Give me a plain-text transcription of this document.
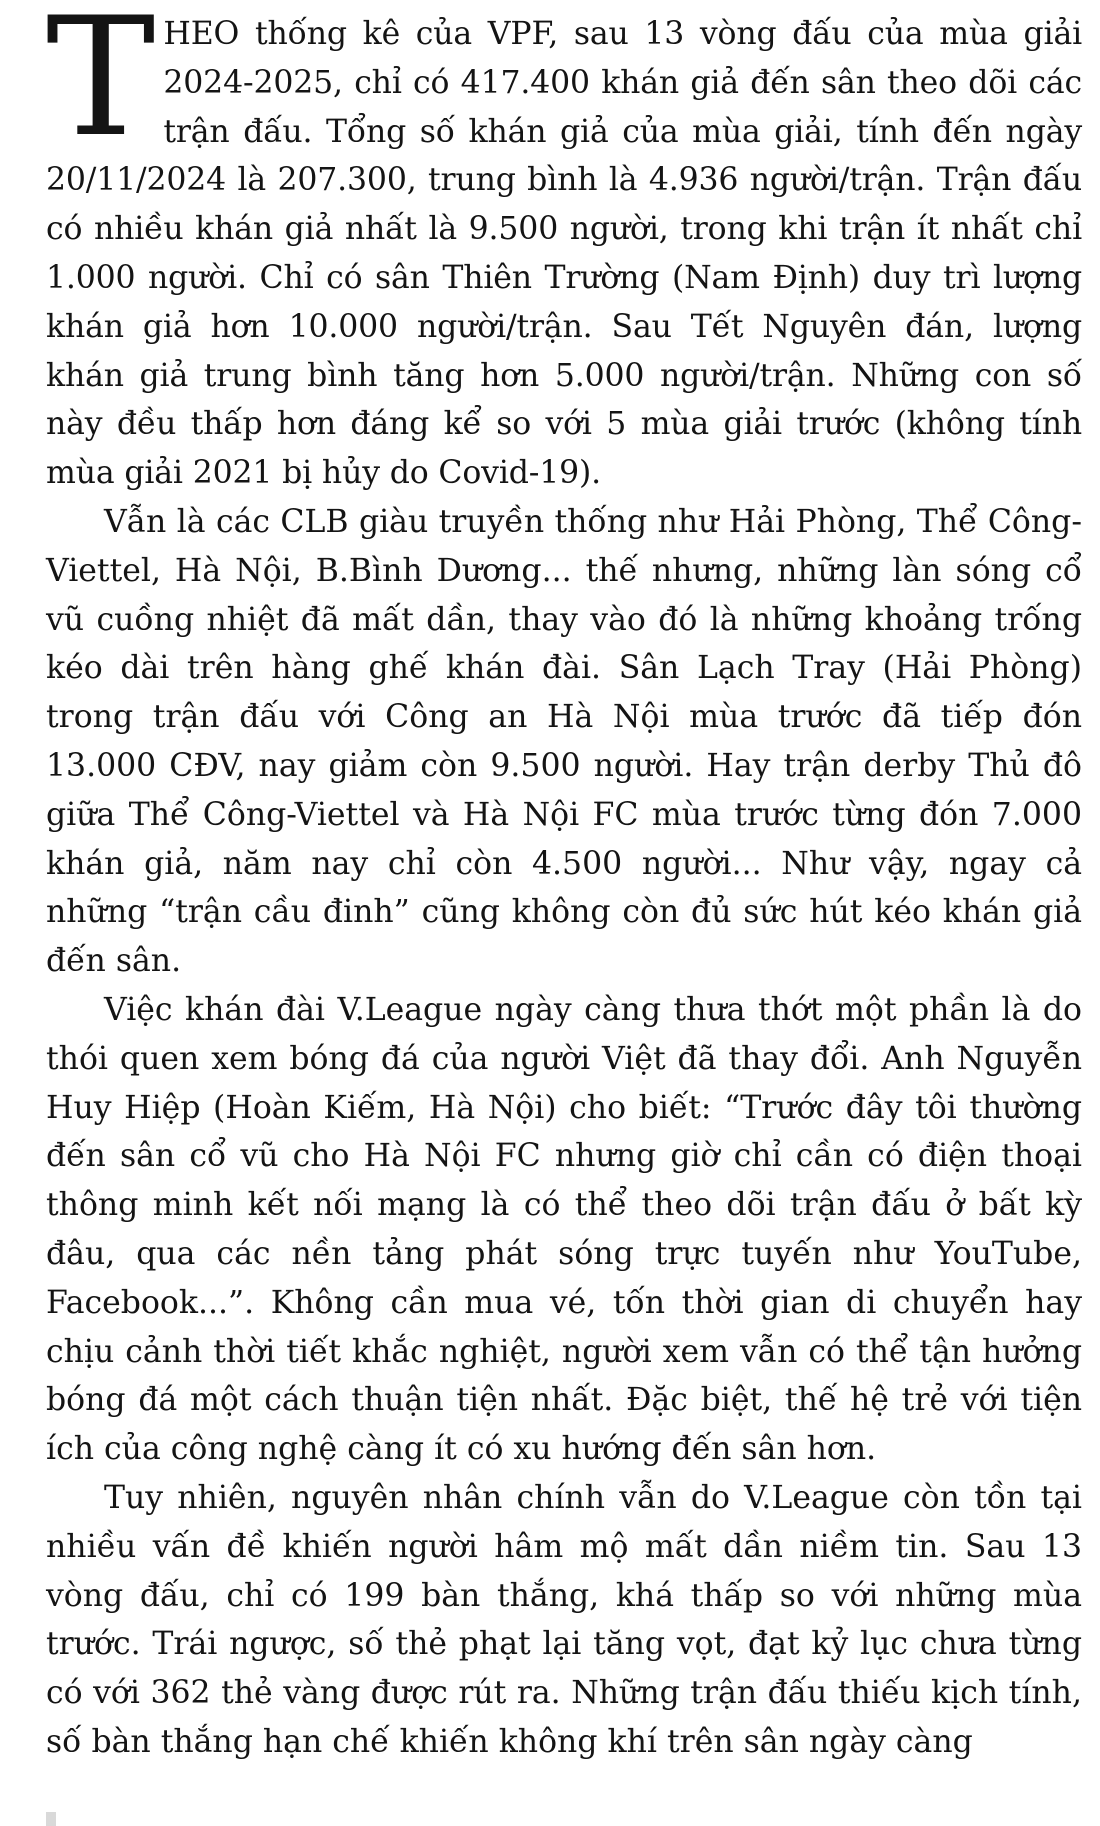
THEO thống kê của VPF, sau 13 vòng đấu của mùa giải 2024-2025, chỉ có 417.400 khán giả đến sân theo dõi các trận đấu. Tổng số khán giả của mùa giải, tính đến ngày 20/11/2024 là 207.300, trung bình là 4.936 người/trận. Trận đấu có nhiều khán giả nhất là 9.500 người, trong khi trận ít nhất chỉ 1.000 người. Chỉ có sân Thiên Trường (Nam Định) duy trì lượng khán giả hơn 10.000 người/trận. Sau Tết Nguyên đán, lượng khán giả trung bình tăng hơn 5.000 người/trận. Những con số này đều thấp hơn đáng kể so với 5 mùa giải trước (không tính mùa giải 2021 bị hủy do Covid-19).

Vẫn là các CLB giàu truyền thống như Hải Phòng, Thể Công-Viettel, Hà Nội, B.Bình Dương... thế nhưng, những làn sóng cổ vũ cuồng nhiệt đã mất dần, thay vào đó là những khoảng trống kéo dài trên hàng ghế khán đài. Sân Lạch Tray (Hải Phòng) trong trận đấu với Công an Hà Nội mùa trước đã tiếp đón 13.000 CĐV, nay giảm còn 9.500 người. Hay trận derby Thủ đô giữa Thể Công-Viettel và Hà Nội FC mùa trước từng đón 7.000 khán giả, năm nay chỉ còn 4.500 người... Như vậy, ngay cả những “trận cầu đinh” cũng không còn đủ sức hút kéo khán giả đến sân.

Việc khán đài V.League ngày càng thưa thớt một phần là do thói quen xem bóng đá của người Việt đã thay đổi. Anh Nguyễn Huy Hiệp (Hoàn Kiếm, Hà Nội) cho biết: “Trước đây tôi thường đến sân cổ vũ cho Hà Nội FC nhưng giờ chỉ cần có điện thoại thông minh kết nối mạng là có thể theo dõi trận đấu ở bất kỳ đâu, qua các nền tảng phát sóng trực tuyến như YouTube, Facebook...”. Không cần mua vé, tốn thời gian di chuyển hay chịu cảnh thời tiết khắc nghiệt, người xem vẫn có thể tận hưởng bóng đá một cách thuận tiện nhất. Đặc biệt, thế hệ trẻ với tiện ích của công nghệ càng ít có xu hướng đến sân hơn.

Tuy nhiên, nguyên nhân chính vẫn do V.League còn tồn tại nhiều vấn đề khiến người hâm mộ mất dần niềm tin. Sau 13 vòng đấu, chỉ có 199 bàn thắng, khá thấp so với những mùa trước. Trái ngược, số thẻ phạt lại tăng vọt, đạt kỷ lục chưa từng có với 362 thẻ vàng được rút ra. Những trận đấu thiếu kịch tính, số bàn thắng hạn chế khiến không khí trên sân ngày càng
